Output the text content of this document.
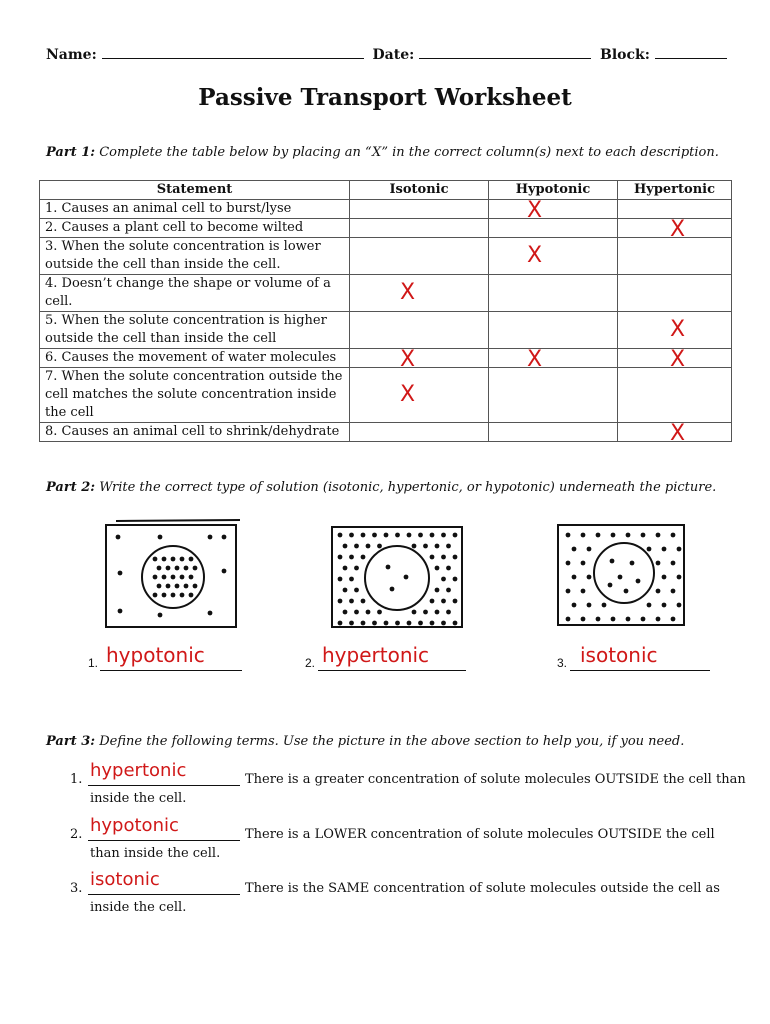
Name:	Date:	Block:
Passive Transport Worksheet
Part 1: Complete the table below by placing an “X” in the correct column(s) next to each description.
Statement	Isotonic	Hypotonic	Hypertonic
1. Causes an animal cell to burst/lyse		X	

2. Causes a plant cell to become wilted			X

3. When the solute concentration is lower outside the cell than inside the cell.		X	

4. Doesn’t change the shape or volume of a cell.	X		

5. When the solute concentration is higher outside the cell than inside the cell			X

6. Causes the movement of water molecules	X	X	X

7. When the solute concentration outside the cell matches the solute concentration inside the cell	X		

8. Causes an animal cell to shrink/dehydrate			X
Part 2: Write the correct type of solution (isotonic, hypertonic, or hypotonic) underneath the picture.
1. hypotonic	2. hypertonic	3. isotonic
Part 3: Define the following terms. Use the picture in the above section to help you, if you need.
1. hypertonic	There is a greater concentration of solute molecules OUTSIDE the cell than
inside the cell.
2. hypotonic	There is a LOWER concentration of solute molecules OUTSIDE the cell
than inside the cell.
3. isotonic	There is the SAME concentration of solute molecules outside the cell as
inside the cell.
